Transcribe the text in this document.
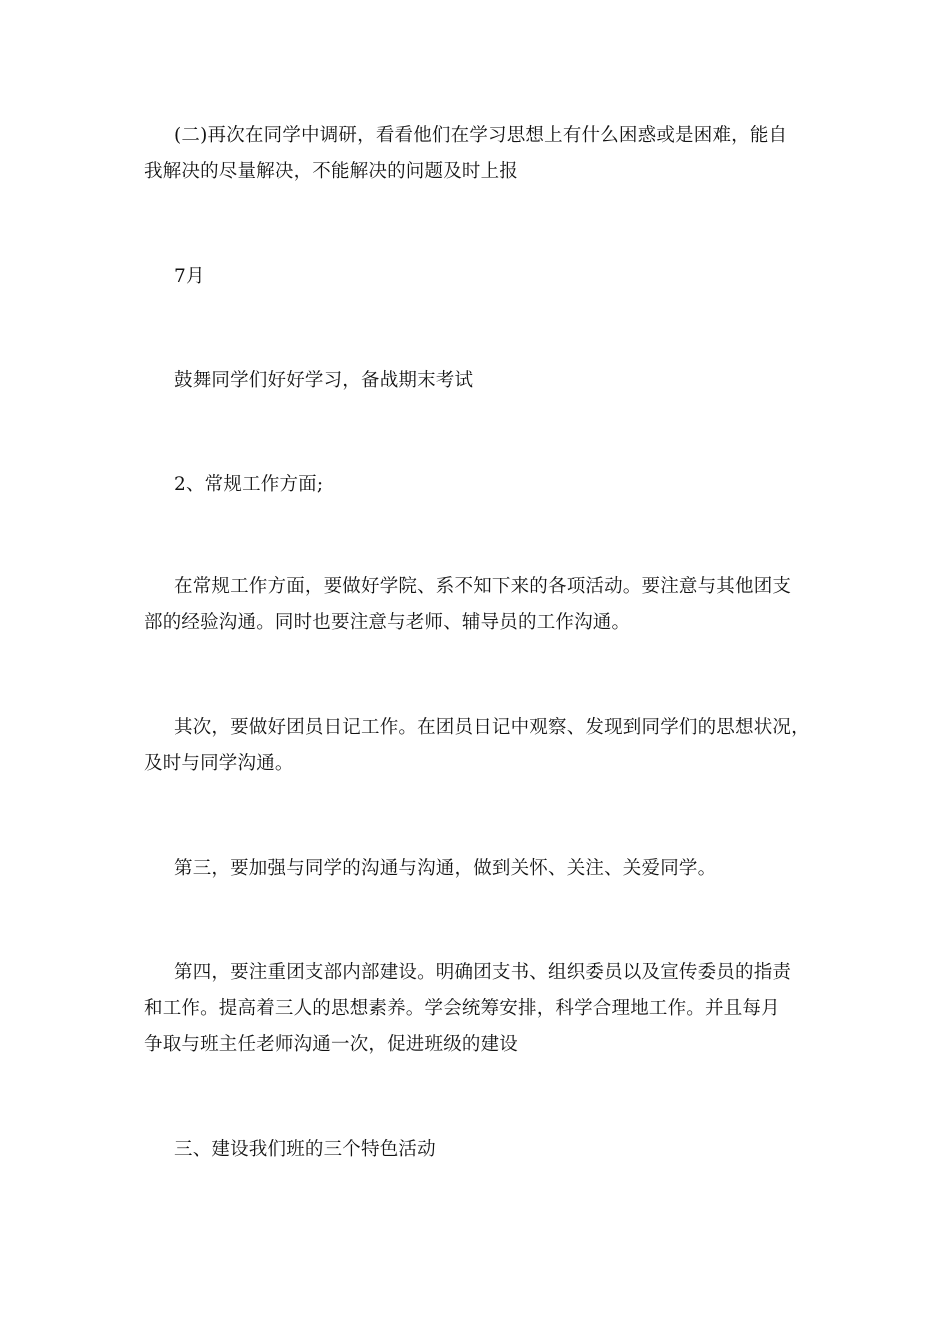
(二)再次在同学中调研，看看他们在学习思想上有什么困惑或是困难，能自
我解决的尽量解决，不能解决的问题及时上报

7月

鼓舞同学们好好学习，备战期末考试

2、常规工作方面;

在常规工作方面，要做好学院、系不知下来的各项活动。要注意与其他团支
部的经验沟通。同时也要注意与老师、辅导员的工作沟通。

其次，要做好团员日记工作。在团员日记中观察、发现到同学们的思想状况，
及时与同学沟通。

第三，要加强与同学的沟通与沟通，做到关怀、关注、关爱同学。

第四，要注重团支部内部建设。明确团支书、组织委员以及宣传委员的指责
和工作。提高着三人的思想素养。学会统筹安排，科学合理地工作。并且每月
争取与班主任老师沟通一次，促进班级的建设

三、建设我们班的三个特色活动
